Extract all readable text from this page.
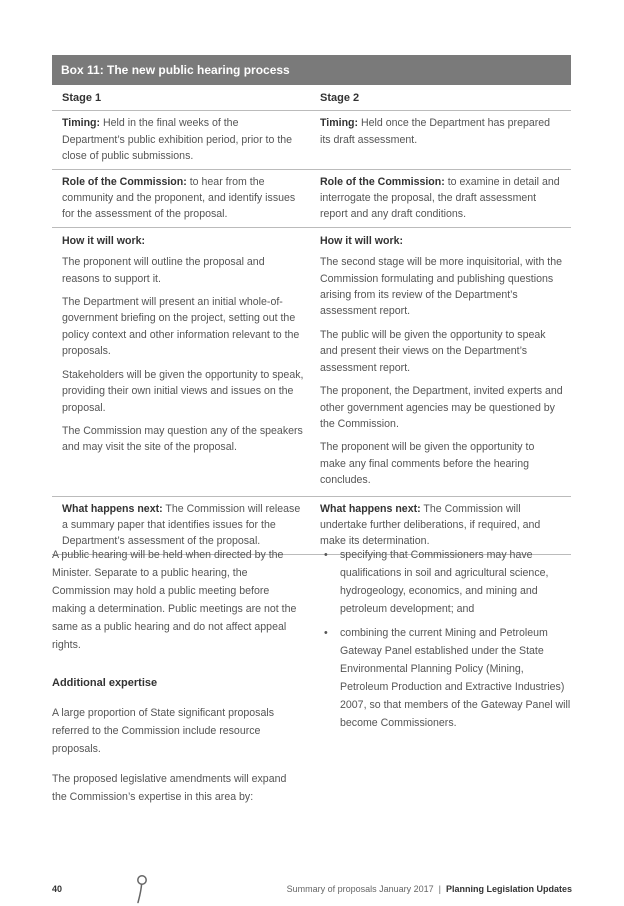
Box 11: The new public hearing process
Stage 1	Stage 2
Timing: Held in the final weeks of the Department’s public exhibition period, prior to the close of public submissions.
Timing: Held once the Department has prepared its draft assessment.
Role of the Commission: to hear from the community and the proponent, and identify issues for the assessment of the proposal.
Role of the Commission: to examine in detail and interrogate the proposal, the draft assessment report and any draft conditions.
How it will work:

The proponent will outline the proposal and reasons to support it.

The Department will present an initial whole-of-government briefing on the project, setting out the policy context and other information relevant to the proposals.

Stakeholders will be given the opportunity to speak, providing their own initial views and issues on the proposal.

The Commission may question any of the speakers and may visit the site of the proposal.

How it will work:

The second stage will be more inquisitorial, with the Commission formulating and publishing questions arising from its review of the Department’s assessment report.

The public will be given the opportunity to speak and present their views on the Department’s assessment report.

The proponent, the Department, invited experts and other government agencies may be questioned by the Commission.

The proponent will be given the opportunity to make any final comments before the hearing concludes.

What happens next: The Commission will release a summary paper that identifies issues for the Department’s assessment of the proposal.
What happens next: The Commission will undertake further deliberations, if required, and make its determination.

A public hearing will be held when directed by the Minister. Separate to a public hearing, the Commission may hold a public meeting before making a determination. Public meetings are not the same as a public hearing and do not affect appeal rights.

Additional expertise

A large proportion of State significant proposals referred to the Commission include resource proposals.

The proposed legislative amendments will expand the Commission’s expertise in this area by:

• specifying that Commissioners may have qualifications in soil and agricultural science, hydrogeology, economics, and mining and petroleum development; and
• combining the current Mining and Petroleum Gateway Panel established under the State Environmental Planning Policy (Mining, Petroleum Production and Extractive Industries) 2007, so that members of the Gateway Panel will become Commissioners.
40	Summary of proposals January 2017 | Planning Legislation Updates
